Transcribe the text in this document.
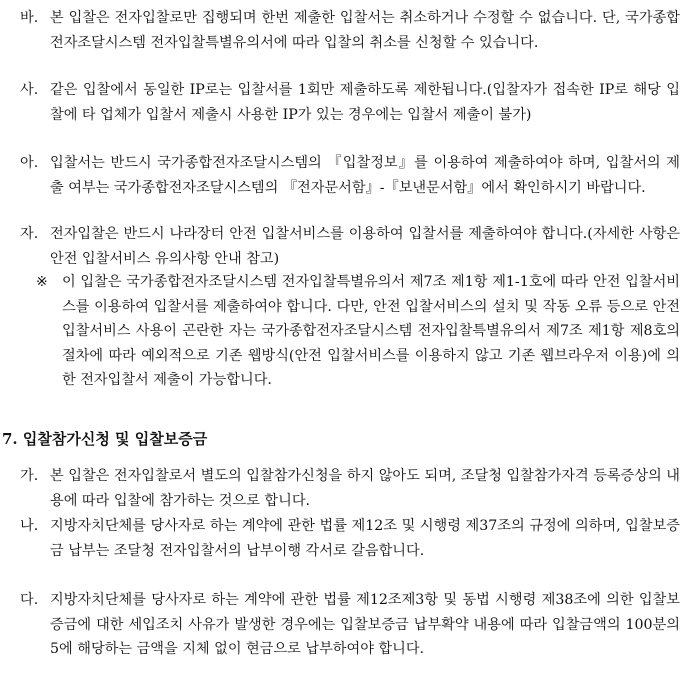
바. 본 입찰은 전자입찰로만 집행되며 한번 제출한 입찰서는 취소하거나 수정할 수 없습니다. 단, 국가종합전자조달시스템 전자입찰특별유의서에 따라 입찰의 취소를 신청할 수 있습니다.
사. 같은 입찰에서 동일한 IP로는 입찰서를 1회만 제출하도록 제한됩니다.(입찰자가 접속한 IP로 해당 입찰에 타 업체가 입찰서 제출시 사용한 IP가 있는 경우에는 입찰서 제출이 불가)
아. 입찰서는 반드시 국가종합전자조달시스템의 『입찰정보』를 이용하여 제출하여야 하며, 입찰서의 제출 여부는 국가종합전자조달시스템의 『전자문서함』-『보낸문서함』에서 확인하시기 바랍니다.
자. 전자입찰은 반드시 나라장터 안전 입찰서비스를 이용하여 입찰서를 제출하여야 합니다.(자세한 사항은 안전 입찰서비스 유의사항 안내 참고)
※ 이 입찰은 국가종합전자조달시스템 전자입찰특별유의서 제7조 제1항 제1-1호에 따라 안전 입찰서비스를 이용하여 입찰서를 제출하여야 합니다. 다만, 안전 입찰서비스의 설치 및 작동 오류 등으로 안전 입찰서비스 사용이 곤란한 자는 국가종합전자조달시스템 전자입찰특별유의서 제7조 제1항 제8호의 절차에 따라 예외적으로 기존 웹방식(안전 입찰서비스를 이용하지 않고 기존 웹브라우저 이용)에 의한 전자입찰서 제출이 가능합니다.
7. 입찰참가신청 및 입찰보증금
가. 본 입찰은 전자입찰로서 별도의 입찰참가신청을 하지 않아도 되며, 조달청 입찰참가자격 등록증상의 내용에 따라 입찰에 참가하는 것으로 합니다.
나. 지방자치단체를 당사자로 하는 계약에 관한 법률 제12조 및 시행령 제37조의 규정에 의하며, 입찰보증금 납부는 조달청 전자입찰서의 납부이행 각서로 갈음합니다.
다. 지방자치단체를 당사자로 하는 계약에 관한 법률 제12조제3항 및 동법 시행령 제38조에 의한 입찰보증금에 대한 세입조치 사유가 발생한 경우에는 입찰보증금 납부확약 내용에 따라 입찰금액의 100분의 5에 해당하는 금액을 지체 없이 현금으로 납부하여야 합니다.
